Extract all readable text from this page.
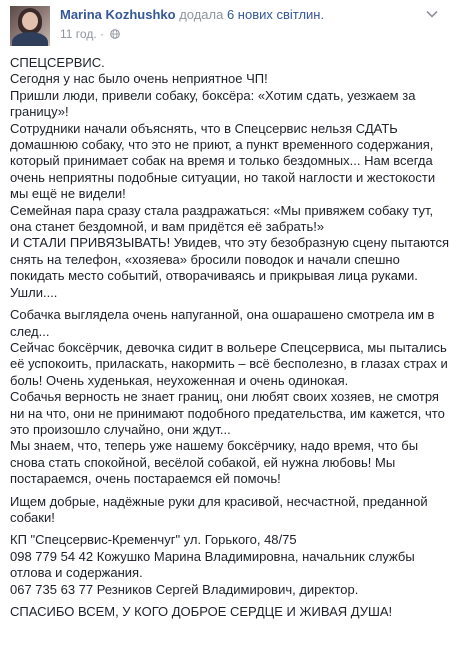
Marina Kozhushko додала 6 нових світлин.
11 год. ·

СПЕЦСЕРВИС.
Сегодня у нас было очень неприятное ЧП!
Пришли люди, привели собаку, боксёра: «Хотим сдать, уезжаем за
границу»!
Сотрудники начали объяснять, что в Спецсервис нельзя СДАТЬ
домашнюю собаку, что это не приют, а пункт временного содержания,
который принимает собак на время и только бездомных... Нам всегда
очень неприятны подобные ситуации, но такой наглости и жестокости
мы ещё не видели!
Семейная пара сразу стала раздражаться: «Мы привяжем собаку тут,
она станет бездомной, и вам придётся её забрать!»
И СТАЛИ ПРИВЯЗЫВАТЬ! Увидев, что эту безобразную сцену пытаются
снять на телефон, «хозяева» бросили поводок и начали спешно
покидать место событий, отворачиваясь и прикрывая лица руками.
Ушли....

Собачка выглядела очень напуганной, она ошарашено смотрела им в
след...
Сейчас боксёрчик, девочка сидит в вольере Спецсервиса, мы пытались
её успокоить, приласкать, накормить – всё бесполезно, в глазах страх и
боль! Очень худенькая, неухоженная и очень одинокая.
Собачья верность не знает границ, они любят своих хозяев, не смотря
ни на что, они не принимают подобного предательства, им кажется, что
это произошло случайно, они ждут...
Мы знаем, что, теперь уже нашему боксёрчику, надо время, что бы
снова стать спокойной, весёлой собакой, ей нужна любовь! Мы
постараемся, очень постараемся ей помочь!

Ищем добрые, надёжные руки для красивой, несчастной, преданной
собаки!

КП "Спецсервис-Кременчуг" ул. Горького, 48/75
098 779 54 42 Кожушко Марина Владимировна, начальник службы
отлова и содержания.
067 735 63 77 Резников Сергей Владимирович, директор.

СПАСИБО ВСЕМ, У КОГО ДОБРОЕ СЕРДЦЕ И ЖИВАЯ ДУША!
